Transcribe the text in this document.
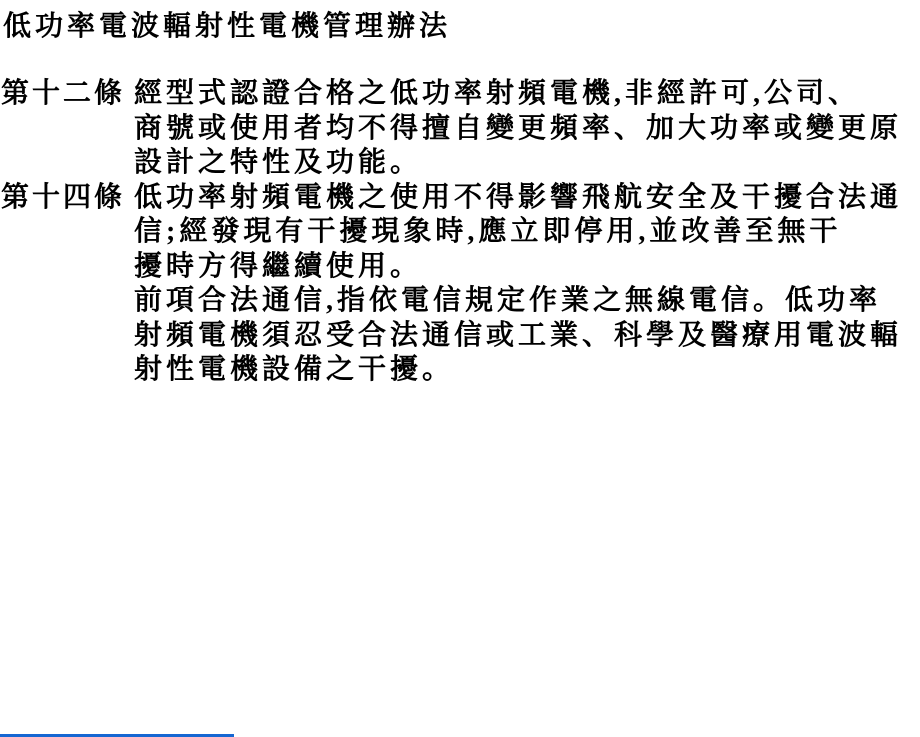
低功率電波輻射性電機管理辦法
第十二條 經型式認證合格之低功率射頻電機,非經許可,公司、
商號或使用者均不得擅自變更頻率、加大功率或變更原
設計之特性及功能。
第十四條 低功率射頻電機之使用不得影響飛航安全及干擾合法通
信;經發現有干擾現象時,應立即停用,並改善至無干
擾時方得繼續使用。
前項合法通信,指依電信規定作業之無線電信。低功率
射頻電機須忍受合法通信或工業、科學及醫療用電波輻
射性電機設備之干擾。
